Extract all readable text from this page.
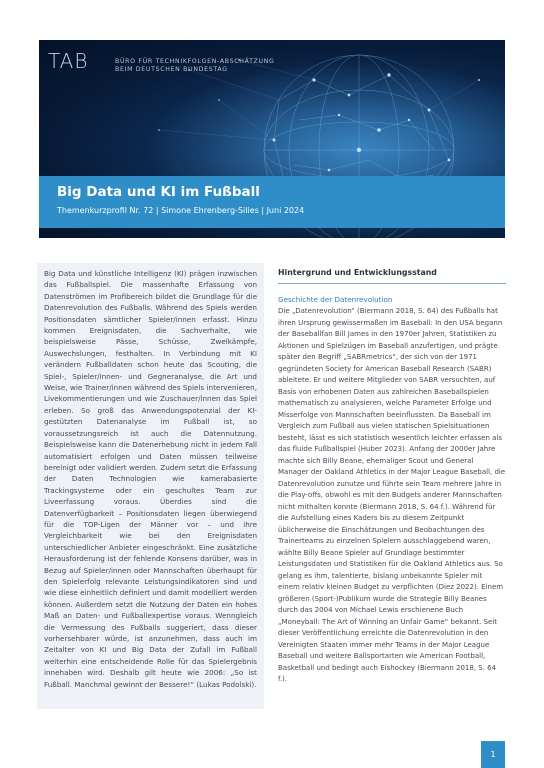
TAB	BÜRO FÜR TECHNIKFOLGEN-ABSCHÄTZUNG
BEIM DEUTSCHEN BUNDESTAG
Big Data und KI im Fußball
Themenkurzprofil Nr. 72 | Simone Ehrenberg-Silies | Juni 2024

Big Data und künstliche Intelligenz (KI) prägen inzwischen das Fußballspiel. Die massenhafte Erfassung von Datenströmen im Profibereich bildet die Grundlage für die Datenrevolution des Fußballs. Während des Spiels werden Positionsdaten sämtlicher Spieler/innen erfasst. Hinzu kommen Ereignisdaten, die Sachverhalte, wie beispielsweise Pässe, Schüsse, Zweikämpfe, Auswechslungen, festhalten. In Verbindung mit KI verändern Fußballdaten schon heute das Scouting, die Spiel-, Spieler/innen- und Gegneranalyse, die Art und Weise, wie Trainer/innen während des Spiels intervenieren, Livekommentierungen und wie Zuschauer/innen das Spiel erleben. So groß das Anwendungspotenzial der KI-gestützten Datenanalyse im Fußball ist, so voraussetzungsreich ist auch die Datennutzung. Beispielsweise kann die Datenerhebung nicht in jedem Fall automatisiert erfolgen und Daten müssen teilweise bereinigt oder validiert werden. Zudem setzt die Erfassung der Daten Technologien wie kamerabasierte Trackingsysteme oder ein geschultes Team zur Liveerfassung voraus. Überdies sind die Datenverfügbarkeit – Positionsdaten liegen überwiegend für die TOP-Ligen der Männer vor – und ihre Vergleichbarkeit wie bei den Ereignisdaten unterschiedlicher Anbieter eingeschränkt. Eine zusätzliche Herausforderung ist der fehlende Konsens darüber, was in Bezug auf Spieler/innen oder Mannschaften überhaupt für den Spielerfolg relevante Leistungsindikatoren sind und wie diese einheitlich definiert und damit modelliert werden können. Außerdem setzt die Nutzung der Daten ein hohes Maß an Daten- und Fußballexpertise voraus. Wenngleich die Vermessung des Fußballs suggeriert, dass dieser vorhersehbarer würde, ist anzunehmen, dass auch im Zeitalter von KI und Big Data der Zufall im Fußball weiterhin eine entscheidende Rolle für das Spielergebnis innehaben wird. Deshalb gilt heute wie 2006: „So ist Fußball. Manchmal gewinnt der Bessere!“ (Lukas Podolski).

Hintergrund und Entwicklungsstand
Geschichte der Datenrevolution

Die „Datenrevolution“ (Biermann 2018, S. 64) des Fußballs hat ihren Ursprung gewissermaßen im Baseball: In den USA begann der Baseballfan Bill James in den 1970er Jahren, Statistiken zu Aktionen und Spielzügen im Baseball anzufertigen, und prägte später den Begriff „SABRmetrics“, der sich von der 1971 gegründeten Society for American Baseball Research (SABR) ableitete. Er und weitere Mitglieder von SABR versuchten, auf Basis von erhobenen Daten aus zahlreichen Baseballspielen mathematisch zu analysieren, welche Parameter Erfolge und Misserfolge von Mannschaften beeinflussten. Da Baseball im Vergleich zum Fußball aus vielen statischen Spielsituationen besteht, lässt es sich statistisch wesentlich leichter erfassen als das fluide Fußballspiel (Huber 2023). Anfang der 2000er Jahre machte sich Billy Beane, ehemaliger Scout und General Manager der Oakland Athletics in der Major League Baseball, die Datenrevolution zunutze und führte sein Team mehrere Jahre in die Play-offs, obwohl es mit den Budgets anderer Mannschaften nicht mithalten konnte (Biermann 2018, S. 64 f.). Während für die Aufstellung eines Kaders bis zu diesem Zeitpunkt üblicherweise die Einschätzungen und Beobachtungen des Trainerteams zu einzelnen Spielern ausschlaggebend waren, wählte Billy Beane Spieler auf Grundlage bestimmter Leistungsdaten und Statistiken für die Oakland Athletics aus. So gelang es ihm, talentierte, bislang unbekannte Spieler mit einem relativ kleinen Budget zu verpflichten (Diez 2022). Einem größeren (Sport-)Publikum wurde die Strategie Billy Beanes durch das 2004 von Michael Lewis erschienene Buch „Moneyball: The Art of Winning an Unfair Game“ bekannt. Seit dieser Veröffentlichung erreichte die Datenrevolution in den Vereinigten Staaten immer mehr Teams in der Major League Baseball und weitere Ballsportarten wie American Football, Basketball und bedingt auch Eishockey (Biermann 2018, S. 64 f.).

1
